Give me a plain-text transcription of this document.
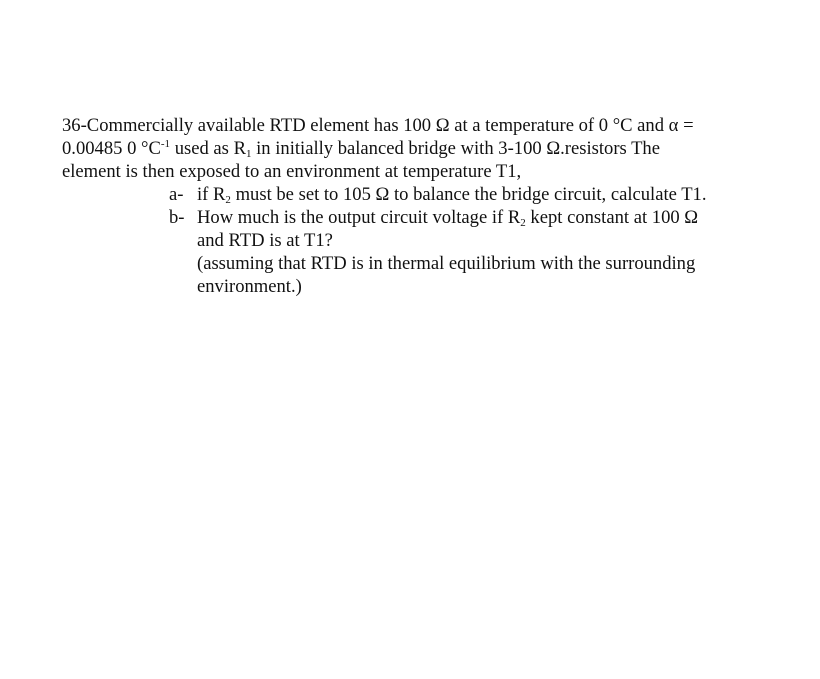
36-Commercially available RTD element has 100 Ω at a temperature of 0 °C and α =
0.00485 0 $^\circ C^{-1}$ used as $R_1$ in initially balanced bridge with 3-100 Ω.resistors The
element is then exposed to an environment at temperature T1,
a- if $R_2$ must be set to 105 Ω to balance the bridge circuit, calculate T1.
b- How much is the output circuit voltage if $R_2$ kept constant at 100 Ω
and RTD is at T1?
(assuming that RTD is in thermal equilibrium with the surrounding
environment.)
